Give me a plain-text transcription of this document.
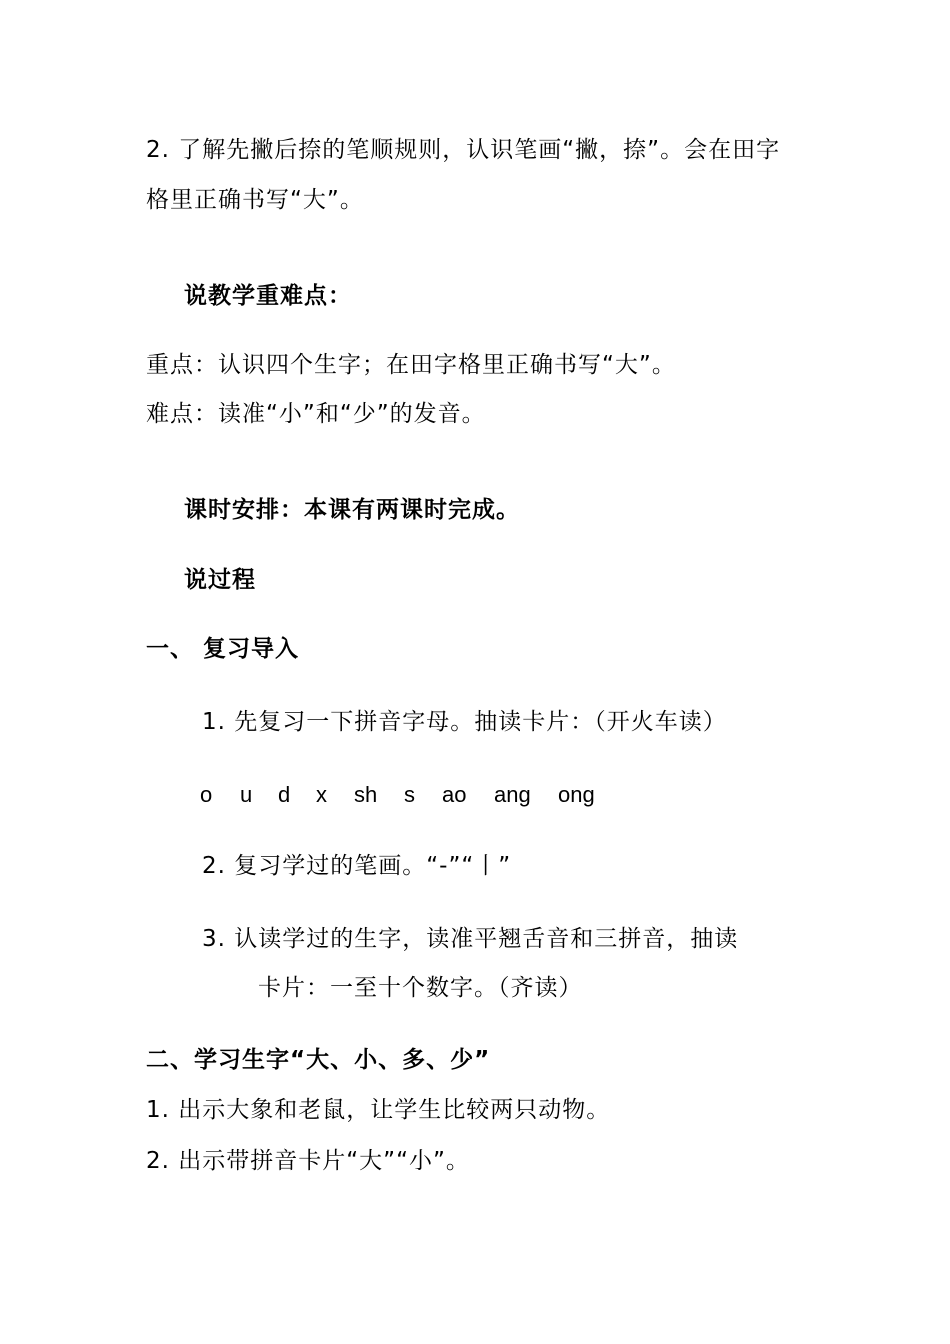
2. 了解先撇后捺的笔顺规则，认识笔画“撇，捺”。会在田字
格里正确书写“大”。
说教学重难点：
重点：认识四个生字；在田字格里正确书写“大”。
难点：读准“小”和“少”的发音。
课时安排：本课有两课时完成。
说过程
一、 复习导入
1. 先复习一下拼音字母。抽读卡片：（开火车读）
o u d x sh s ao ang ong
2. 复习学过的笔画。“-”“丨”
3. 认读学过的生字，读准平翘舌音和三拼音，抽读
卡片：一至十个数字。（齐读）
二、学习生字“大、小、多、少”
1. 出示大象和老鼠，让学生比较两只动物。
2. 出示带拼音卡片“大”“小”。
